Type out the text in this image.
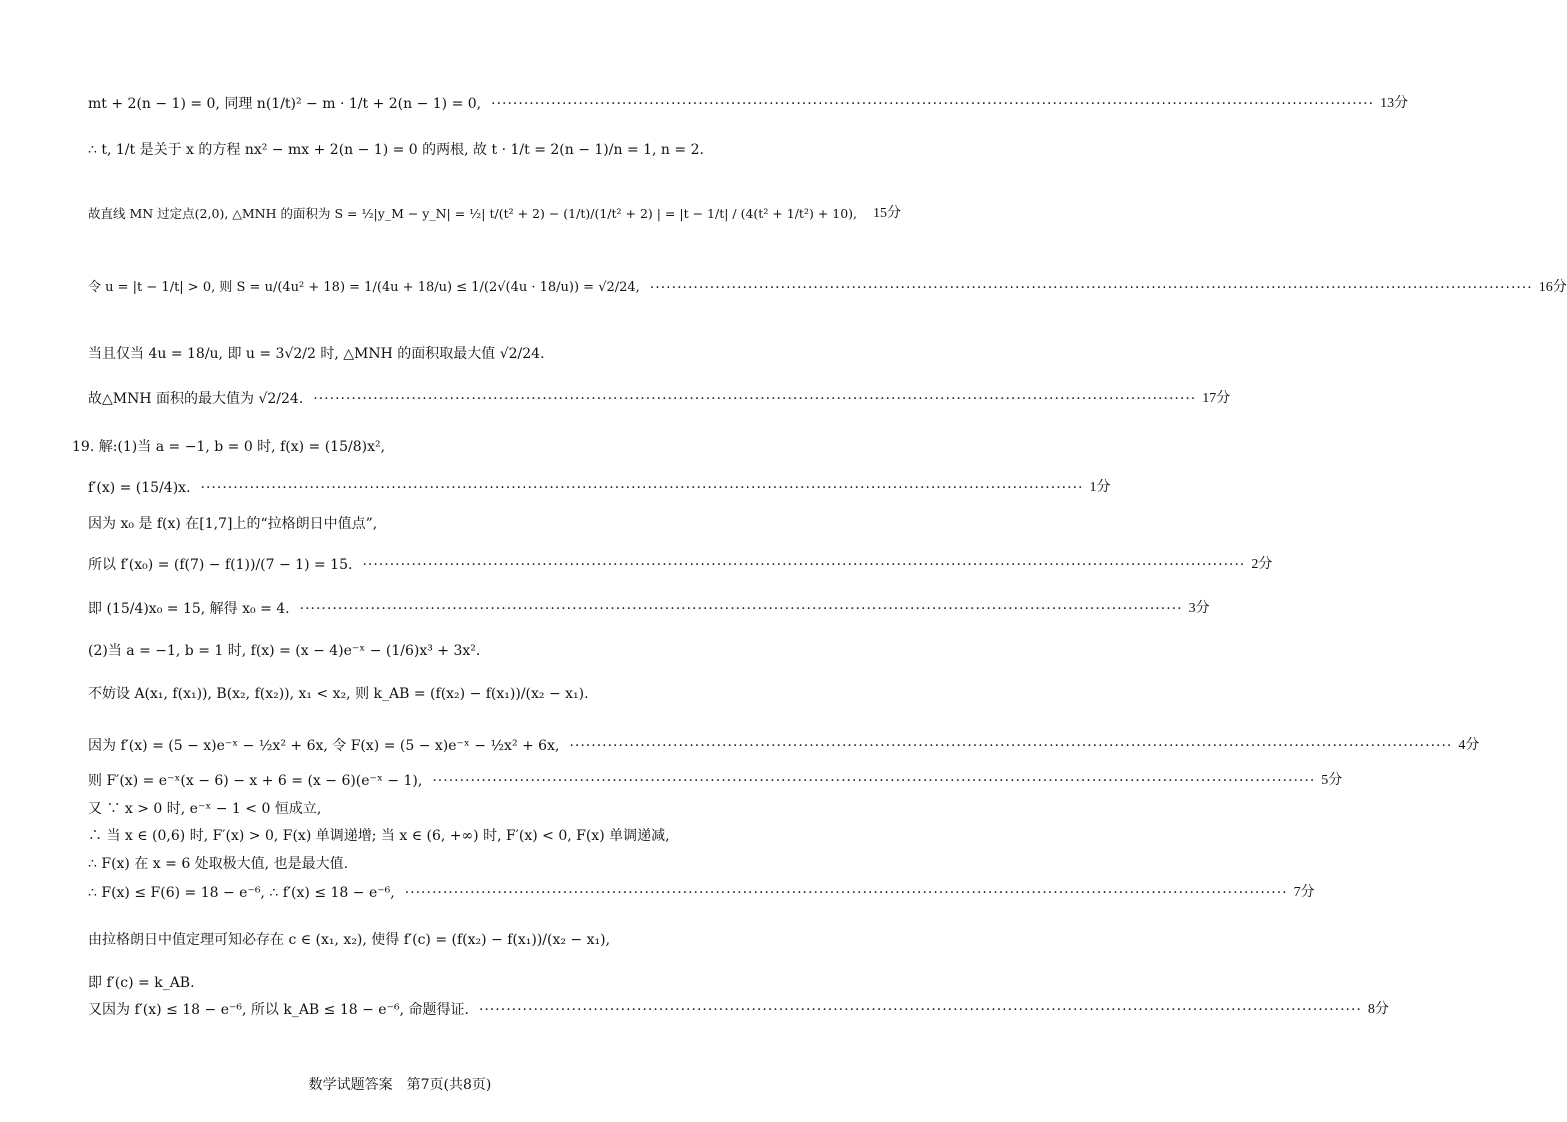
mt + 2(n − 1) = 0, 同理 n(1/t)² − m · 1/t + 2(n − 1) = 0, ·····	13分
∴ t, 1/t 是关于 x 的方程 nx² − mx + 2(n − 1) = 0 的两根, 故 t · 1/t = 2(n − 1)/n = 1, n = 2.
故直线 MN 过定点(2,0), △MNH 的面积为 S = ½|y_M − y_N| = ½| t/(t² + 2) − (1/t)/(1/t² + 2) | = |t − 1/t| / (4(t² + 1/t²) + 10), 15分
令 u = |t − 1/t| > 0, 则 S = u/(4u² + 18) = 1/(4u + 18/u) ≤ 1/(2√(4u · 18/u)) = √2/24, ·····	16分
当且仅当 4u = 18/u, 即 u = 3√2/2 时, △MNH 的面积取最大值 √2/24.
故△MNH 面积的最大值为 √2/24. ·····	17分
19. 解:(1)当 a = −1, b = 0 时, f(x) = (15/8)x²,
f′(x) = (15/4)x. ·····	1分
因为 x₀ 是 f(x) 在[1,7]上的“拉格朗日中值点”,
所以 f′(x₀) = (f(7) − f(1))/(7 − 1) = 15. ·····	2分
即 (15/4)x₀ = 15, 解得 x₀ = 4. ·····	3分
(2)当 a = −1, b = 1 时, f(x) = (x − 4)e⁻ˣ − (1/6)x³ + 3x².
不妨设 A(x₁, f(x₁)), B(x₂, f(x₂)), x₁ < x₂, 则 k_AB = (f(x₂) − f(x₁))/(x₂ − x₁).
因为 f′(x) = (5 − x)e⁻ˣ − ½x² + 6x, 令 F(x) = (5 − x)e⁻ˣ − ½x² + 6x, ·····	4分
则 F′(x) = e⁻ˣ(x − 6) − x + 6 = (x − 6)(e⁻ˣ − 1), ·····	5分
又 ∵ x > 0 时, e⁻ˣ − 1 < 0 恒成立,
∴ 当 x ∈ (0,6) 时, F′(x) > 0, F(x) 单调递增; 当 x ∈ (6, +∞) 时, F′(x) < 0, F(x) 单调递减,
∴ F(x) 在 x = 6 处取极大值, 也是最大值.
∴ F(x) ≤ F(6) = 18 − e⁻⁶, ∴ f′(x) ≤ 18 − e⁻⁶, ·····	7分
由拉格朗日中值定理可知必存在 c ∈ (x₁, x₂), 使得 f′(c) = (f(x₂) − f(x₁))/(x₂ − x₁),
即 f′(c) = k_AB.
又因为 f′(x) ≤ 18 − e⁻⁶, 所以 k_AB ≤ 18 − e⁻⁶, 命题得证. ·····	8分
数学试题答案　第7页(共8页)
